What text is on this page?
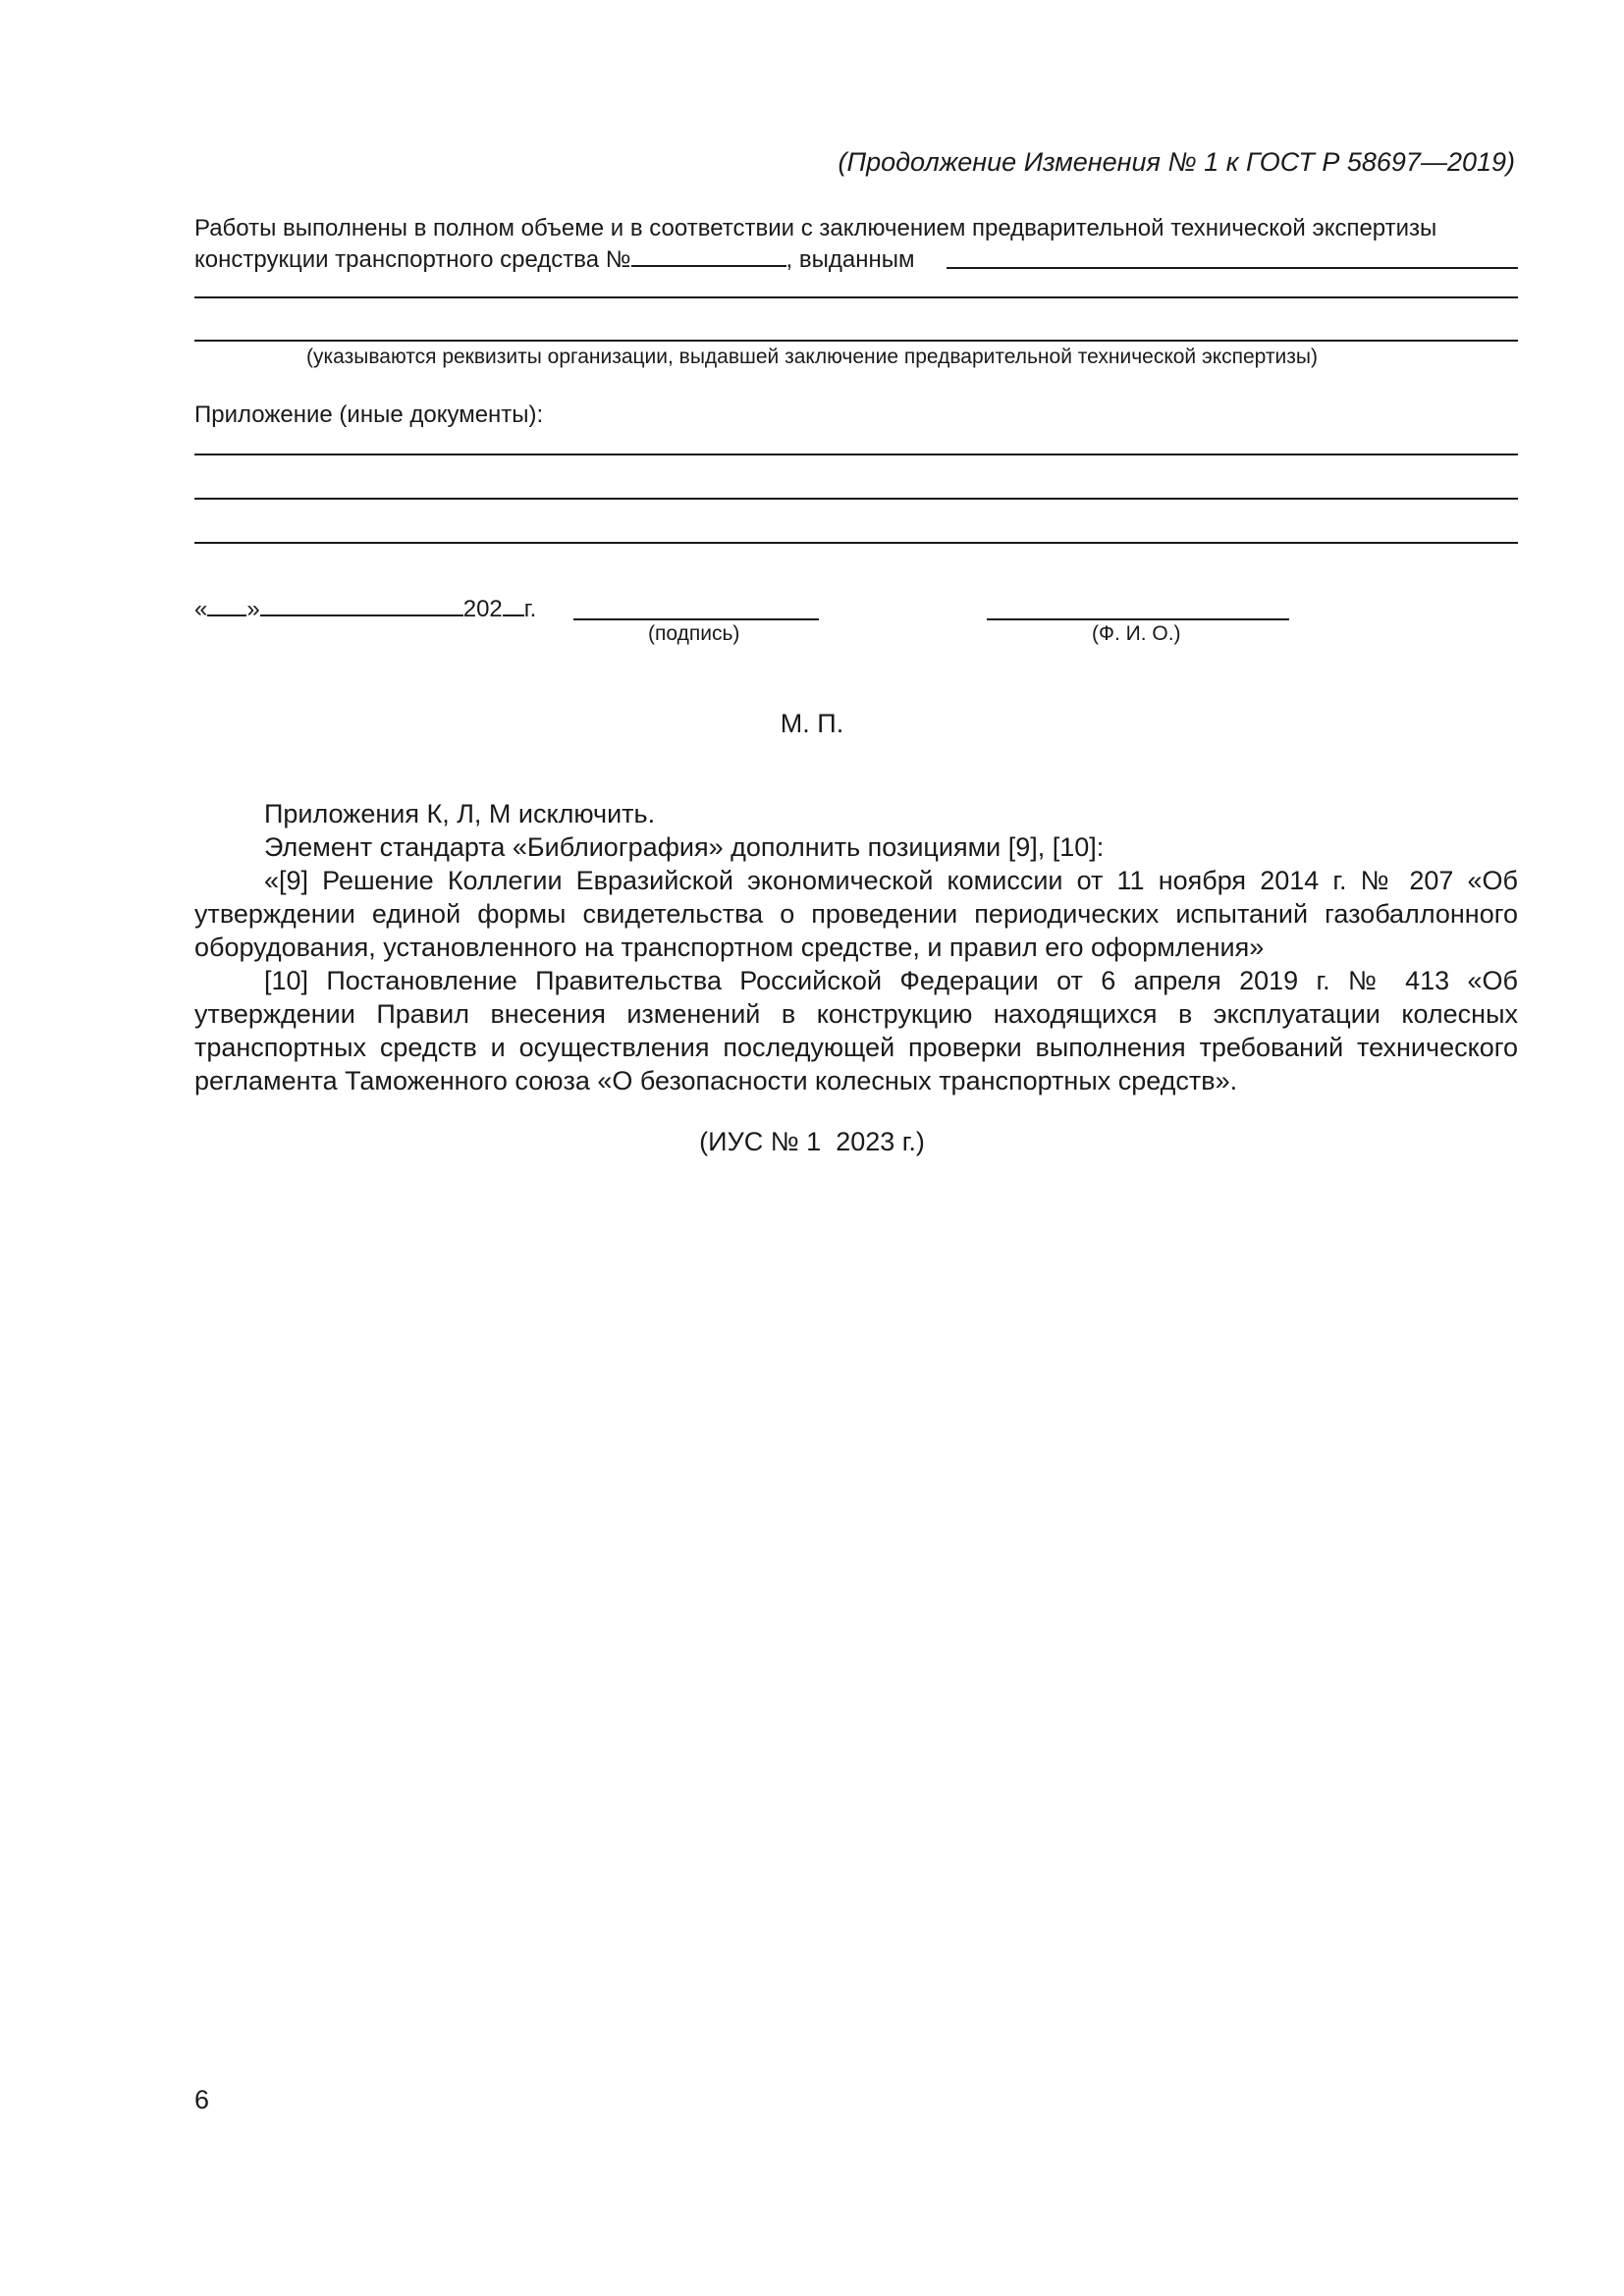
(Продолжение Изменения № 1 к ГОСТ Р 58697—2019)
Работы выполнены в полном объеме и в соответствии с заключением предварительной технической экспертизы
конструкции транспортного средства №	, выданным
(указываются реквизиты организации, выдавшей заключение предварительной технической экспертизы)
Приложение (иные документы):
« »	202 г.
(подпись)	(Ф. И. О.)
М. П.

Приложения К, Л, М исключить.

Элемент стандарта «Библиография» дополнить позициями [9], [10]:

«[9] Решение Коллегии Евразийской экономической комиссии от 11 ноября 2014 г. № 207 «Об утверждении единой формы свидетельства о проведении периодических испытаний газобаллонного оборудования, установленного на транспортном средстве, и правил его оформления»

[10] Постановление Правительства Российской Федерации от 6 апреля 2019 г. № 413 «Об утверждении Правил внесения изменений в конструкцию находящихся в эксплуатации колесных транспортных средств и осуществления последующей проверки выполнения требований технического регламента Таможенного союза «О безопасности колесных транспортных средств».

(ИУС № 1  2023 г.)
6
